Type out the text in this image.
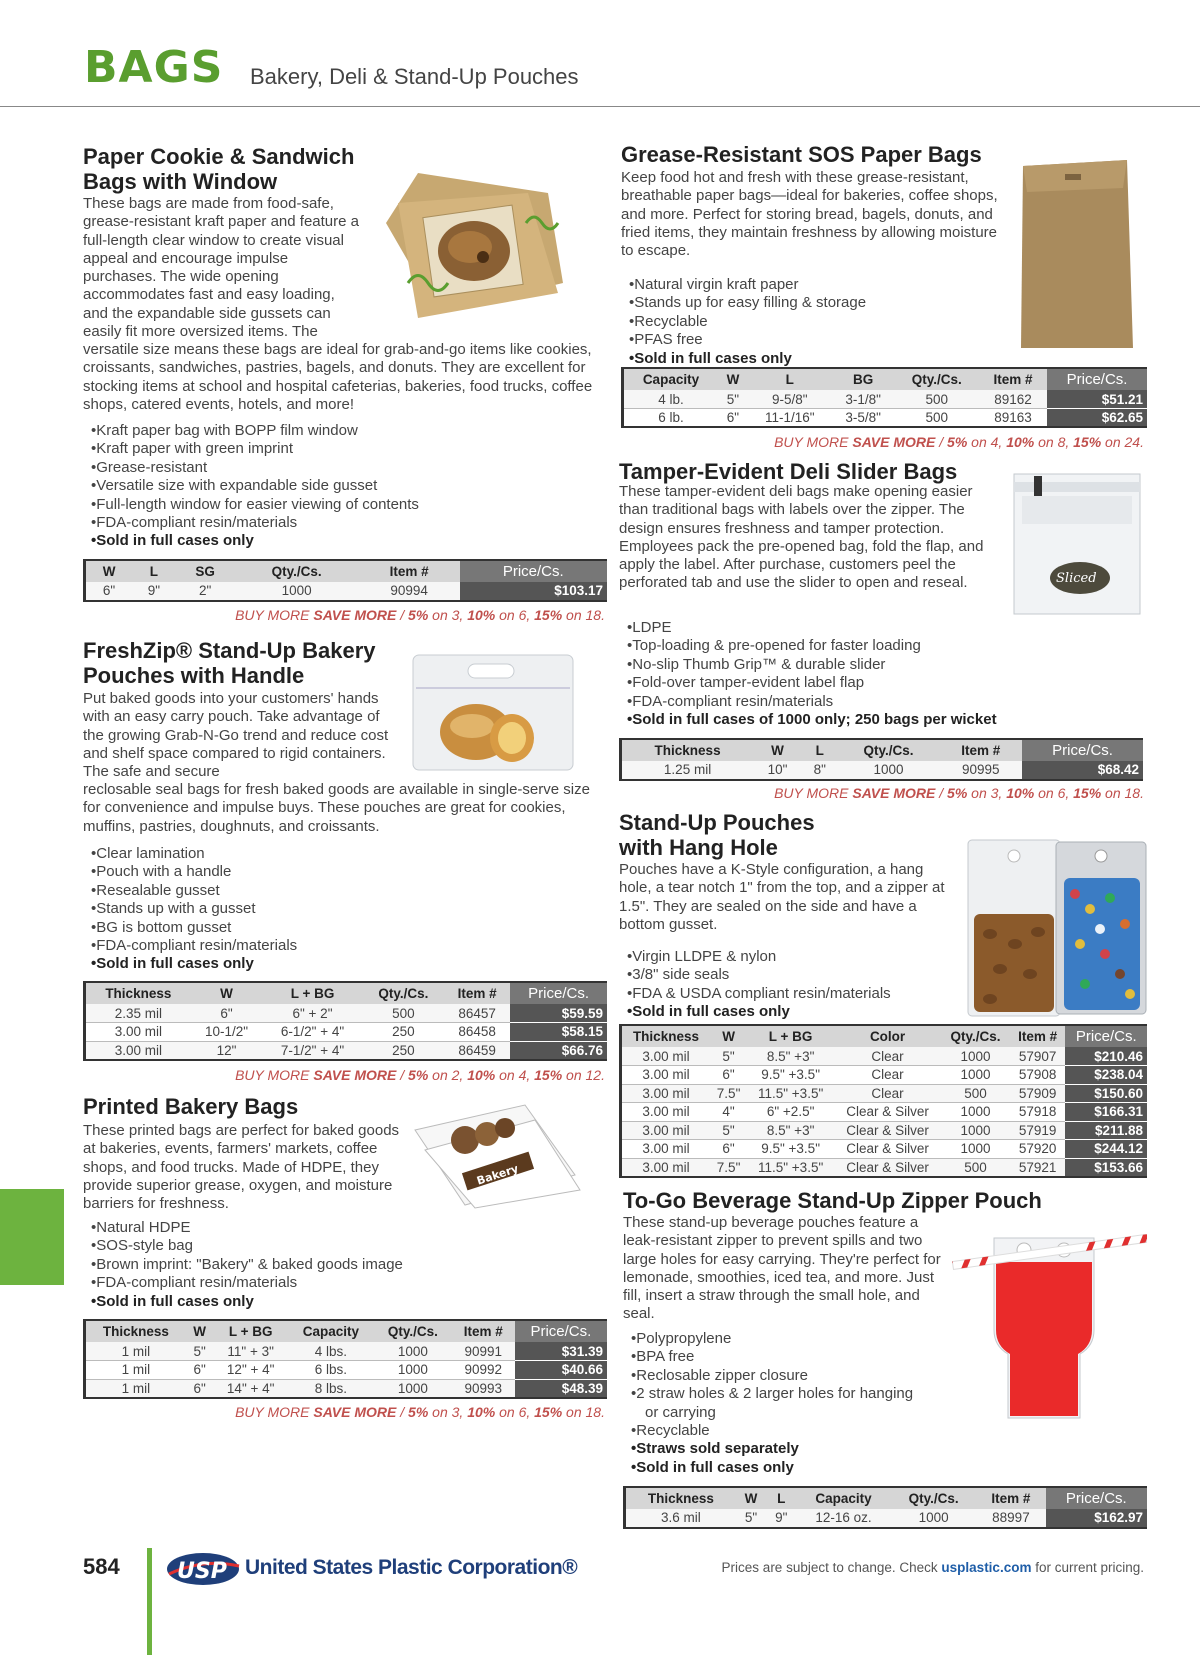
BAGS Bakery, Deli & Stand-Up Pouches
Paper Cookie & Sandwich
Bags with Window
These bags are made from food-safe, grease-resistant kraft paper and feature a full-length clear window to create visual appeal and encourage impulse purchases. The wide opening accommodates fast and easy loading, and the expandable side gussets can easily fit more oversized items. The
versatile size means these bags are ideal for grab-and-go items like cookies, croissants, sandwiches, pastries, bagels, and donuts. They are excellent for stocking items at school and hospital cafeterias, bakeries, food trucks, coffee shops, catered events, hotels, and more!
• Kraft paper bag with BOPP film window
• Kraft paper with green imprint
• Grease-resistant
• Versatile size with expandable side gusset
• Full-length window for easier viewing of contents
• FDA-compliant resin/materials
• Sold in full cases only
W	L	SG	Qty./Cs.	Item #	Price/Cs.
6"	9"	2"	1000	90994	$103.17
BUY MORE SAVE MORE / 5% on 3, 10% on 6, 15% on 18.
FreshZip® Stand-Up Bakery
Pouches with Handle
Put baked goods into your customers' hands with an easy carry pouch. Take advantage of the growing Grab-N-Go trend and reduce cost and shelf space compared to rigid containers. The safe and secure
reclosable seal bags for fresh baked goods are available in single-serve size for convenience and impulse buys. These pouches are great for cookies, muffins, pastries, doughnuts, and croissants.
• Clear lamination
• Pouch with a handle
• Resealable gusset
• Stands up with a gusset
• BG is bottom gusset
• FDA-compliant resin/materials
• Sold in full cases only
Thickness	W	L + BG	Qty./Cs.	Item #	Price/Cs.
2.35 mil	6"	6" + 2"	500	86457	$59.59
3.00 mil	10-1/2"	6-1/2" + 4"	250	86458	$58.15
3.00 mil	12"	7-1/2" + 4"	250	86459	$66.76
BUY MORE SAVE MORE / 5% on 2, 10% on 4, 15% on 12.
Printed Bakery Bags
Bakery
These printed bags are perfect for baked goods at bakeries, events, farmers' markets, coffee shops, and food trucks. Made of HDPE, they provide superior grease, oxygen, and moisture barriers for freshness.
• Natural HDPE
• SOS-style bag
• Brown imprint: "Bakery" & baked goods image
• FDA-compliant resin/materials
• Sold in full cases only
Thickness	W	L + BG	Capacity	Qty./Cs.	Item #	Price/Cs.
1 mil	5"	11" + 3"	4 lbs.	1000	90991	$31.39
1 mil	6"	12" + 4"	6 lbs.	1000	90992	$40.66
1 mil	6"	14" + 4"	8 lbs.	1000	90993	$48.39
BUY MORE SAVE MORE / 5% on 3, 10% on 6, 15% on 18.
Grease-Resistant SOS Paper Bags
Keep food hot and fresh with these grease-resistant, breathable paper bags—ideal for bakeries, coffee shops, and more. Perfect for storing bread, bagels, donuts, and fried items, they maintain freshness by allowing moisture to escape.
• Natural virgin kraft paper
• Stands up for easy filling & storage
• Recyclable
• PFAS free
• Sold in full cases only
Capacity	W	L	BG	Qty./Cs.	Item #	Price/Cs.
4 lb.	5"	9-5/8"	3-1/8"	500	89162	$51.21
6 lb.	6"	11-1/16"	3-5/8"	500	89163	$62.65
BUY MORE SAVE MORE / 5% on 4, 10% on 8, 15% on 24.
Tamper-Evident Deli Slider Bags
Sliced
These tamper-evident deli bags make opening easier than traditional bags with labels over the zipper. The design ensures freshness and tamper protection. Employees pack the pre-opened bag, fold the flap, and apply the label. After purchase, customers peel the perforated tab and use the slider to open and reseal.
• LDPE
• Top-loading & pre-opened for faster loading
• No-slip Thumb Grip™ & durable slider
• Fold-over tamper-evident label flap
• FDA-compliant resin/materials
• Sold in full cases of 1000 only; 250 bags per wicket
Thickness	W	L	Qty./Cs.	Item #	Price/Cs.
1.25 mil	10"	8"	1000	90995	$68.42
BUY MORE SAVE MORE / 5% on 3, 10% on 6, 15% on 18.
Stand-Up Pouches
with Hang Hole
Pouches have a K-Style configuration, a hang hole, a tear notch 1" from the top, and a zipper at 1.5". They are sealed on the side and have a bottom gusset.
• Virgin LLDPE & nylon
• 3/8" side seals
• FDA & USDA compliant resin/materials
• Sold in full cases only
Thickness	W	L + BG	Color	Qty./Cs.	Item #	Price/Cs.
3.00 mil	5"	8.5" +3"	Clear	1000	57907	$210.46
3.00 mil	6"	9.5" +3.5"	Clear	1000	57908	$238.04
3.00 mil	7.5"	11.5" +3.5"	Clear	500	57909	$150.60
3.00 mil	4"	6" +2.5"	Clear & Silver	1000	57918	$166.31
3.00 mil	5"	8.5" +3"	Clear & Silver	1000	57919	$211.88
3.00 mil	6"	9.5" +3.5"	Clear & Silver	1000	57920	$244.12
3.00 mil	7.5"	11.5" +3.5"	Clear & Silver	500	57921	$153.66
To-Go Beverage Stand-Up Zipper Pouch
These stand-up beverage pouches feature a leak-resistant zipper to prevent spills and two large holes for easy carrying. They're perfect for lemonade, smoothies, iced tea, and more. Just fill, insert a straw through the small hole, and seal.
• Polypropylene
• BPA free
• Reclosable zipper closure
• 2 straw holes & 2 larger holes for hanging
or carrying
• Recyclable
• Straws sold separately
• Sold in full cases only
Thickness	W	L	Capacity	Qty./Cs.	Item #	Price/Cs.
3.6 mil	5"	9"	12-16 oz.	1000	88997	$162.97
584	USP United States Plastic Corporation®	Prices are subject to change. Check usplastic.com for current pricing.
